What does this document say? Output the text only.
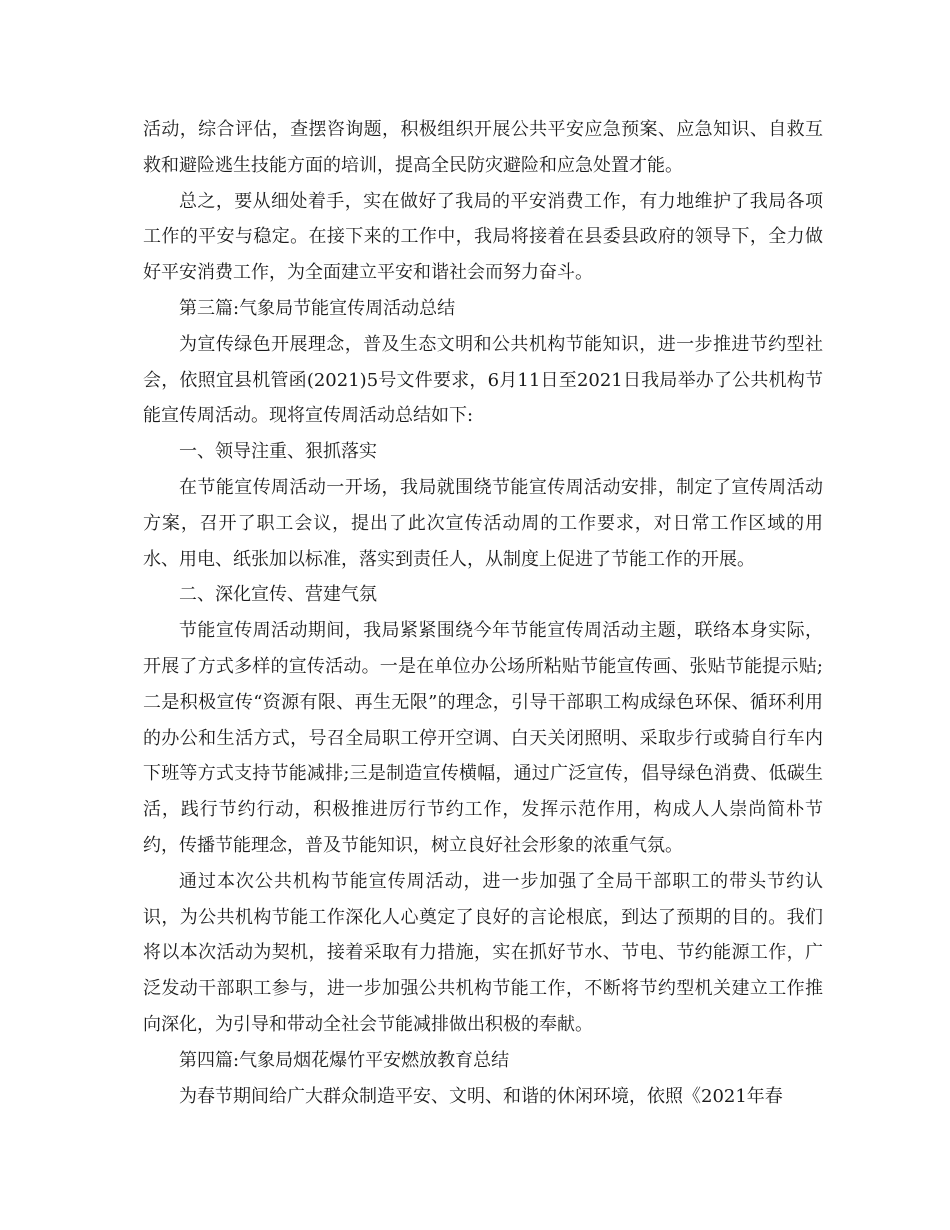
活动，综合评估，查摆咨询题，积极组织开展公共平安应急预案、应急知识、自救互救和避险逃生技能方面的培训，提高全民防灾避险和应急处置才能。

总之，要从细处着手，实在做好了我局的平安消费工作，有力地维护了我局各项工作的平安与稳定。在接下来的工作中，我局将接着在县委县政府的领导下，全力做好平安消费工作，为全面建立平安和谐社会而努力奋斗。

第三篇:气象局节能宣传周活动总结

为宣传绿色开展理念，普及生态文明和公共机构节能知识，进一步推进节约型社会，依照宜县机管函(2021)5号文件要求，6月11日至2021日我局举办了公共机构节能宣传周活动。现将宣传周活动总结如下:

一、领导注重、狠抓落实

在节能宣传周活动一开场，我局就围绕节能宣传周活动安排，制定了宣传周活动方案，召开了职工会议，提出了此次宣传活动周的工作要求，对日常工作区域的用水、用电、纸张加以标准，落实到责任人，从制度上促进了节能工作的开展。

二、深化宣传、营建气氛

节能宣传周活动期间，我局紧紧围绕今年节能宣传周活动主题，联络本身实际，开展了方式多样的宣传活动。一是在单位办公场所粘贴节能宣传画、张贴节能提示贴;二是积极宣传“资源有限、再生无限”的理念，引导干部职工构成绿色环保、循环利用的办公和生活方式，号召全局职工停开空调、白天关闭照明、采取步行或骑自行车内下班等方式支持节能减排;三是制造宣传横幅，通过广泛宣传，倡导绿色消费、低碳生活，践行节约行动，积极推进厉行节约工作，发挥示范作用，构成人人崇尚简朴节约，传播节能理念，普及节能知识，树立良好社会形象的浓重气氛。

通过本次公共机构节能宣传周活动，进一步加强了全局干部职工的带头节约认识，为公共机构节能工作深化人心奠定了良好的言论根底，到达了预期的目的。我们将以本次活动为契机，接着采取有力措施，实在抓好节水、节电、节约能源工作，广泛发动干部职工参与，进一步加强公共机构节能工作，不断将节约型机关建立工作推向深化，为引导和带动全社会节能减排做出积极的奉献。

第四篇:气象局烟花爆竹平安燃放教育总结

为春节期间给广大群众制造平安、文明、和谐的休闲环境，依照《2021年春
